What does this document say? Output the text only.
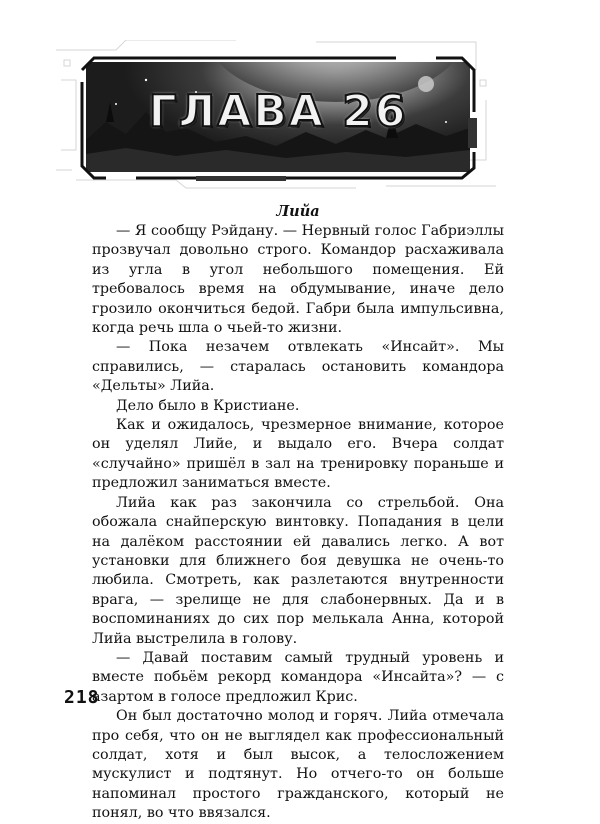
ГЛАВА 26

Лийа

— Я сообщу Рэйдану. — Нервный голос Габриэллы прозвучал довольно строго. Командор расхаживала из угла в угол небольшого помещения. Ей требовалось время на обдумывание, иначе дело грозило окончиться бедой. Габри была импульсивна, когда речь шла о чьей-то жизни.

— Пока незачем отвлекать «Инсайт». Мы справились, — старалась остановить командора «Дельты» Лийа.

Дело было в Кристиане.

Как и ожидалось, чрезмерное внимание, которое он уделял Лийе, и выдало его. Вчера солдат «случайно» пришёл в зал на тренировку пораньше и предложил заниматься вместе.

Лийа как раз закончила со стрельбой. Она обожала снайперскую винтовку. Попадания в цели на далёком расстоянии ей давались легко. А вот установки для ближнего боя девушка не очень-то любила. Смотреть, как разлетаются внутренности врага, — зрелище не для слабонервных. Да и в воспоминаниях до сих пор мелькала Анна, которой Лийа выстрелила в голову.

— Давай поставим самый трудный уровень и вместе побьём рекорд командора «Инсайта»? — с азартом в голосе предложил Крис.

Он был достаточно молод и горяч. Лийа отмечала про себя, что он не выглядел как профессиональный солдат, хотя и был высок, а телосложением мускулист и подтянут. Но отчего-то он больше напоминал простого гражданского, который не понял, во что ввязался.

218
